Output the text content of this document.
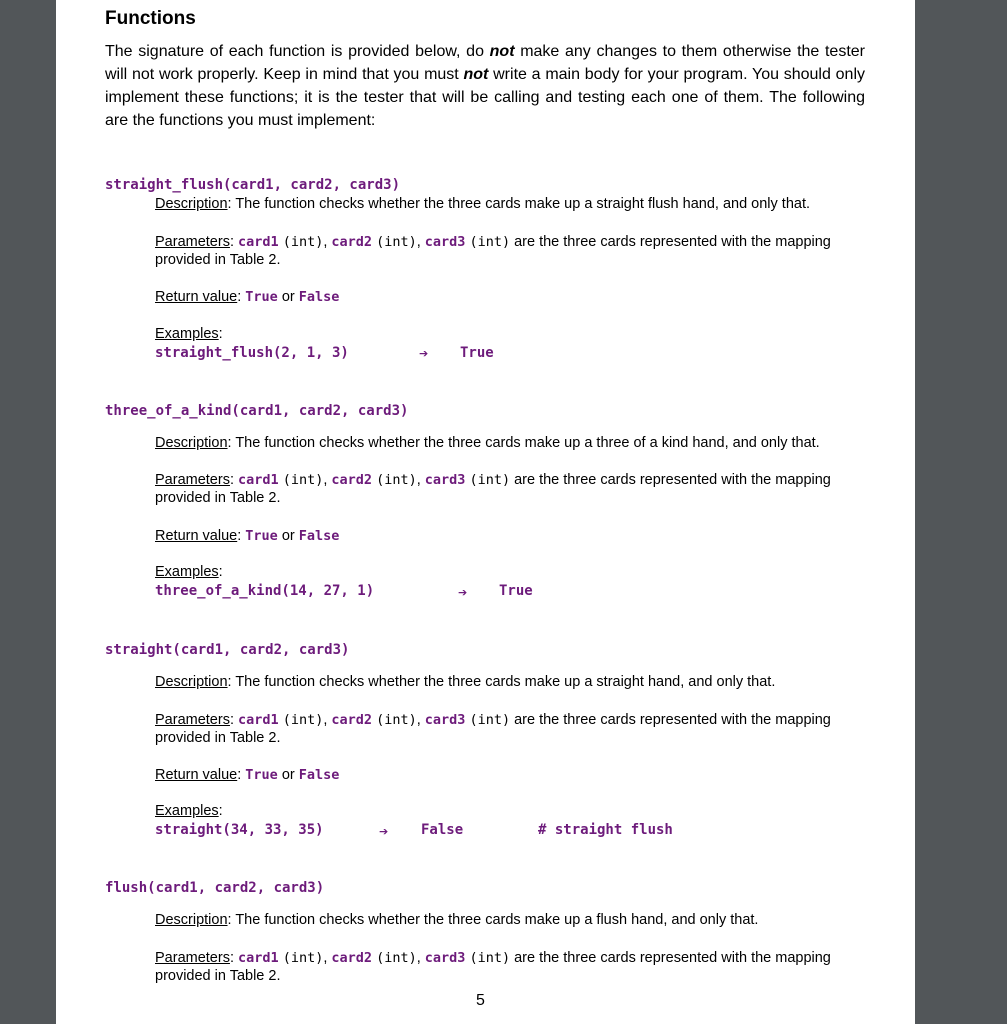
Functions

The signature of each function is provided below, do not make any changes to them otherwise the tester will not work properly. Keep in mind that you must not write a main body for your program. You should only implement these functions; it is the tester that will be calling and testing each one of them. The following are the functions you must implement:

straight_flush(card1, card2, card3)

Description: The function checks whether the three cards make up a straight flush hand, and only that.

Parameters: card1 (int), card2 (int), card3 (int) are the three cards represented with the mapping provided in Table 2.

Return value: True or False

Examples:

straight_flush(2, 1, 3)	➔ True
three_of_a_kind(card1, card2, card3)

Description: The function checks whether the three cards make up a three of a kind hand, and only that.

Parameters: card1 (int), card2 (int), card3 (int) are the three cards represented with the mapping provided in Table 2.

Return value: True or False

Examples:

three_of_a_kind(14, 27, 1)	➔ True
straight(card1, card2, card3)

Description: The function checks whether the three cards make up a straight hand, and only that.

Parameters: card1 (int), card2 (int), card3 (int) are the three cards represented with the mapping provided in Table 2.

Return value: True or False

Examples:

straight(34, 33, 35)	➔ False	# straight flush
flush(card1, card2, card3)

Description: The function checks whether the three cards make up a flush hand, and only that.

Parameters: card1 (int), card2 (int), card3 (int) are the three cards represented with the mapping provided in Table 2.

5
